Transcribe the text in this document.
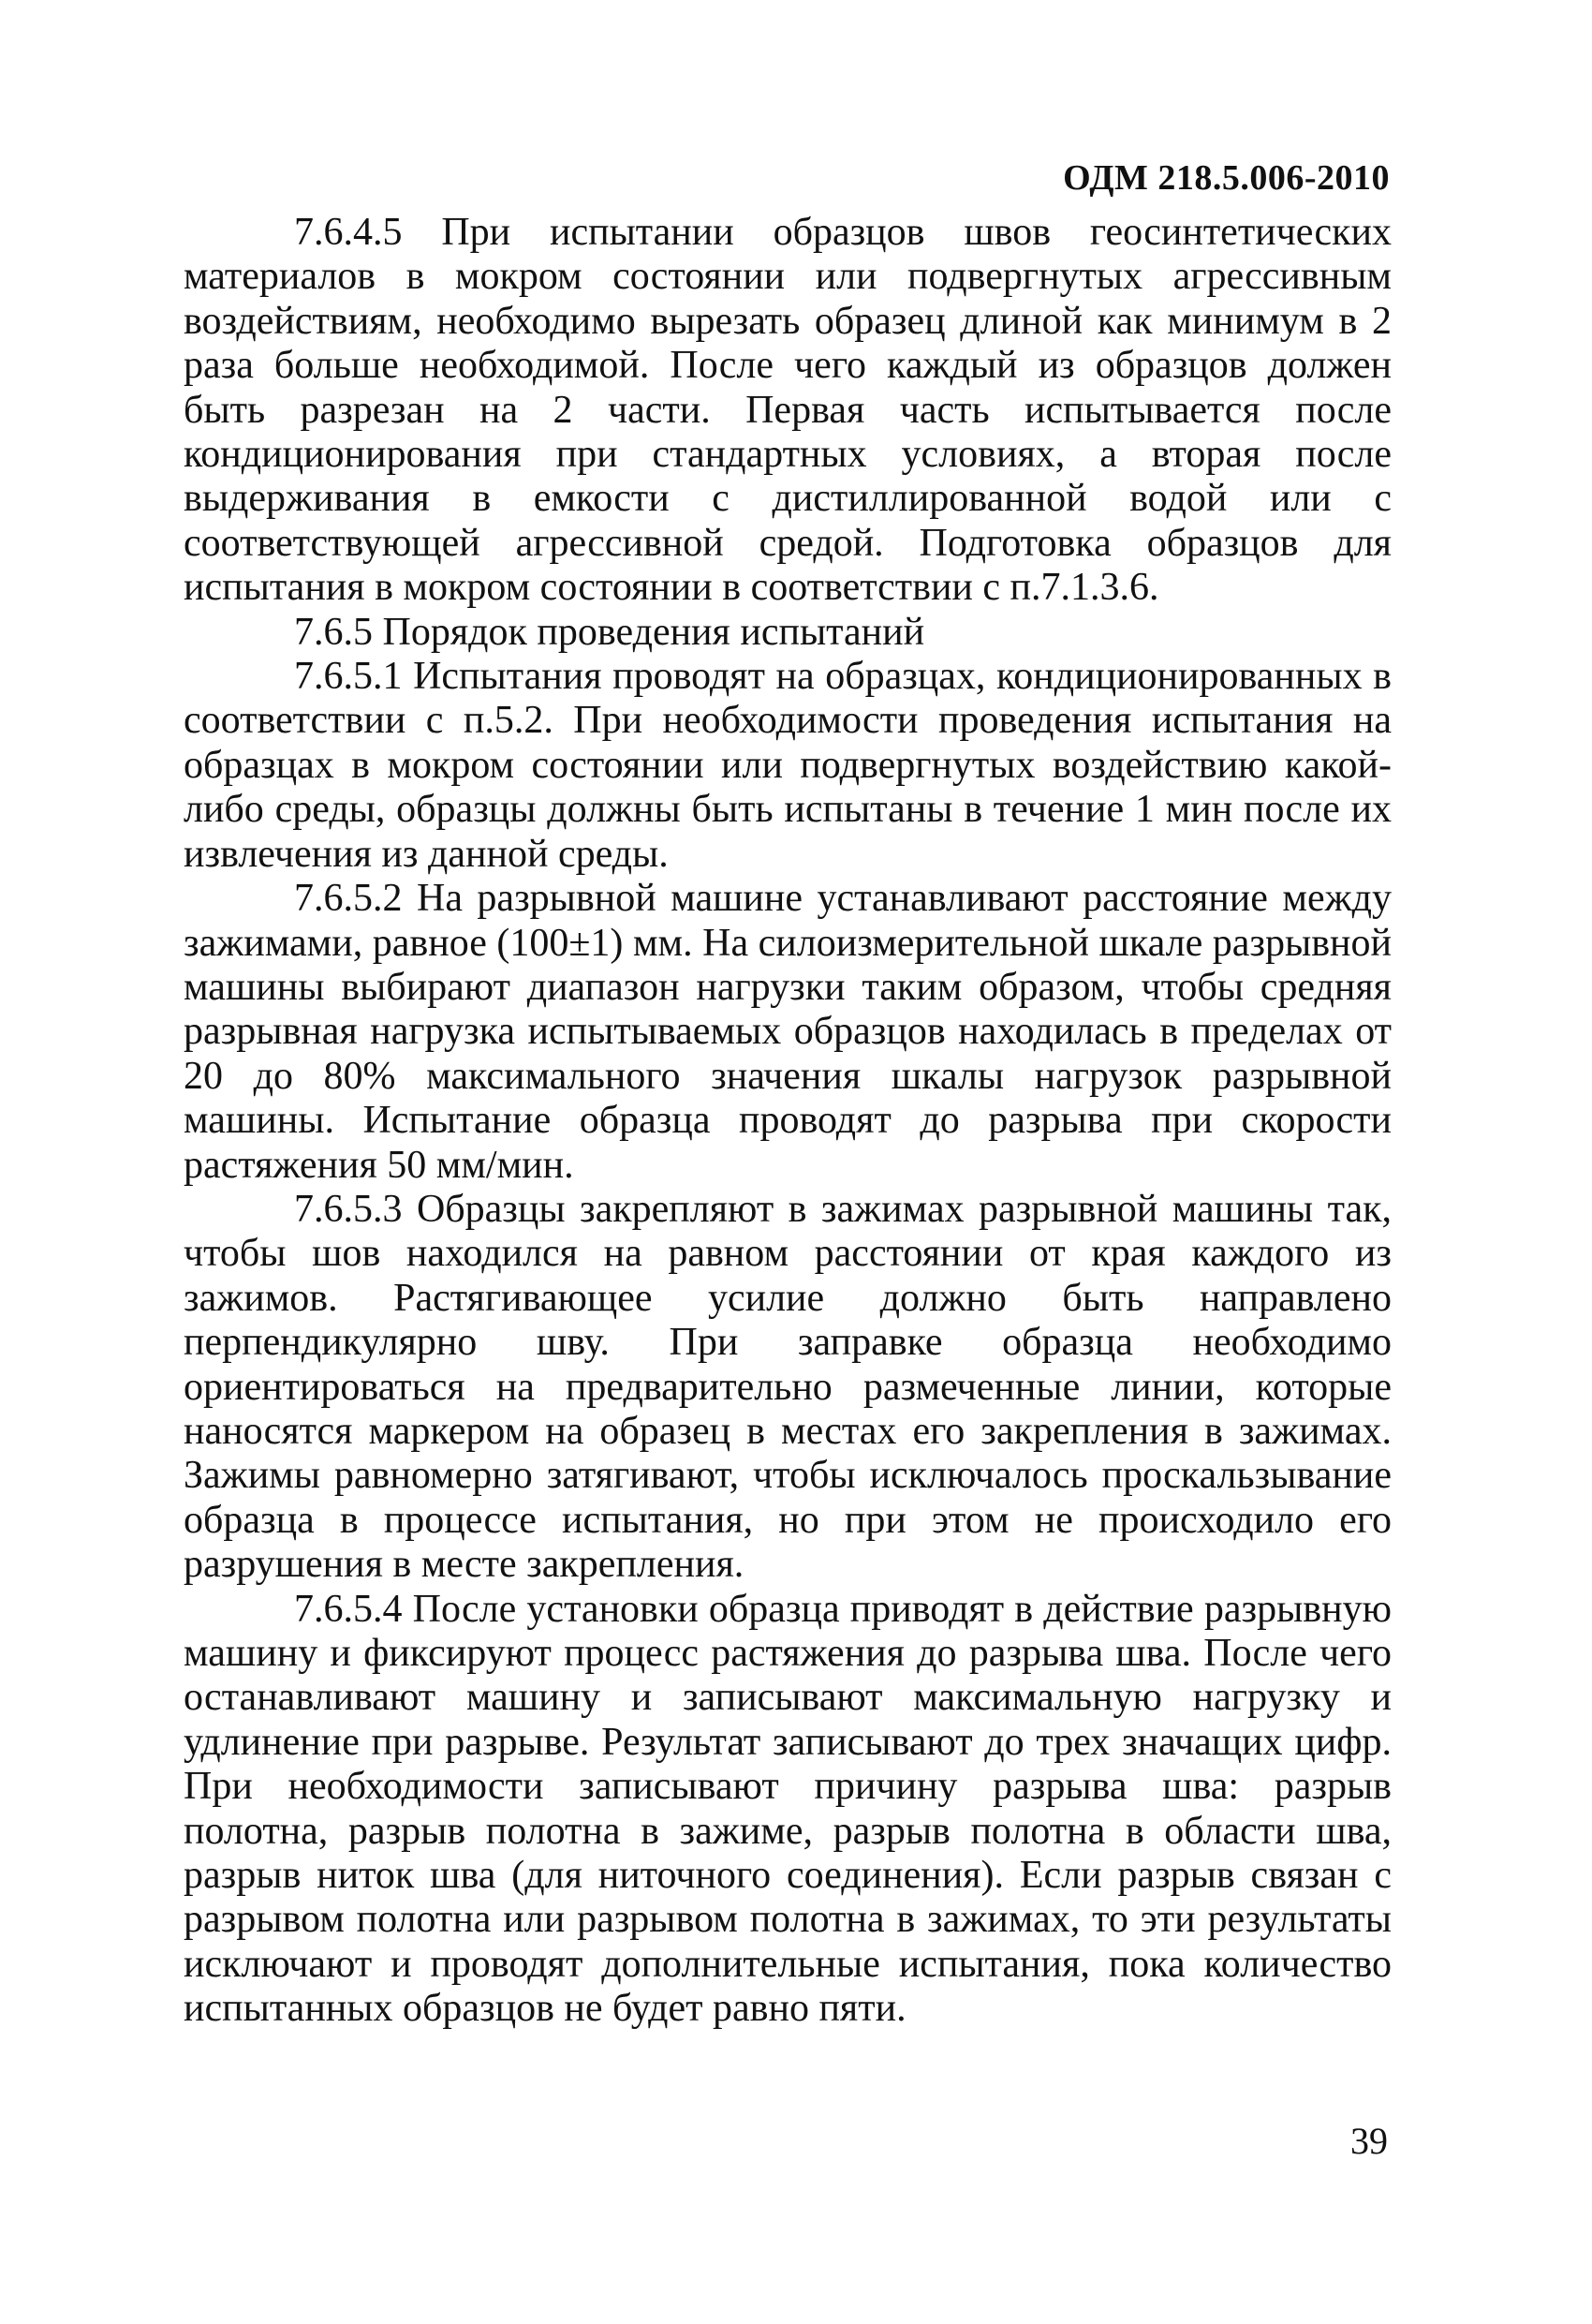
ОДМ 218.5.006-2010

7.6.4.5 При испытании образцов швов геосинтетических материалов в мокром состоянии или подвергнутых агрессивным воздействиям, необходимо вырезать образец длиной как минимум в 2 раза больше необходимой. После чего каждый из образцов должен быть разрезан на 2 части. Первая часть испытывается после кондиционирования при стандартных условиях, а вторая после выдерживания в емкости с дистиллированной водой или с соответствующей агрессивной средой. Подготовка образцов для испытания в мокром состоянии в соответствии с п.7.1.3.6.

7.6.5 Порядок проведения испытаний

7.6.5.1 Испытания проводят на образцах, кондиционированных в соответствии с п.5.2. При необходимости проведения испытания на образцах в мокром состоянии или подвергнутых воздействию какой-либо среды, образцы должны быть испытаны в течение 1 мин после их извлечения из данной среды.

7.6.5.2 На разрывной машине устанавливают расстояние между зажимами, равное (100±1) мм. На силоизмерительной шкале разрывной машины выбирают диапазон нагрузки таким образом, чтобы средняя разрывная нагрузка испытываемых образцов находилась в пределах от 20 до 80% максимального значения шкалы нагрузок разрывной машины. Испытание образца проводят до разрыва при скорости растяжения 50 мм/мин.

7.6.5.3 Образцы закрепляют в зажимах разрывной машины так, чтобы шов находился на равном расстоянии от края каждого из зажимов. Растягивающее усилие должно быть направлено перпендикулярно шву. При заправке образца необходимо ориентироваться на предварительно размеченные линии, которые наносятся маркером на образец в местах его закрепления в зажимах. Зажимы равномерно затягивают, чтобы исключалось проскальзывание образца в процессе испытания, но при этом не происходило его разрушения в месте закрепления.

7.6.5.4 После установки образца приводят в действие разрывную машину и фиксируют процесс растяжения до разрыва шва. После чего останавливают машину и записывают максимальную нагрузку и удлинение при разрыве. Результат записывают до трех значащих цифр. При необходимости записывают причину разрыва шва: разрыв полотна, разрыв полотна в зажиме, разрыв полотна в области шва, разрыв ниток шва (для ниточного соединения). Если разрыв связан с разрывом полотна или разрывом полотна в зажимах, то эти результаты исключают и проводят дополнительные испытания, пока количество испытанных образцов не будет равно пяти.

39
